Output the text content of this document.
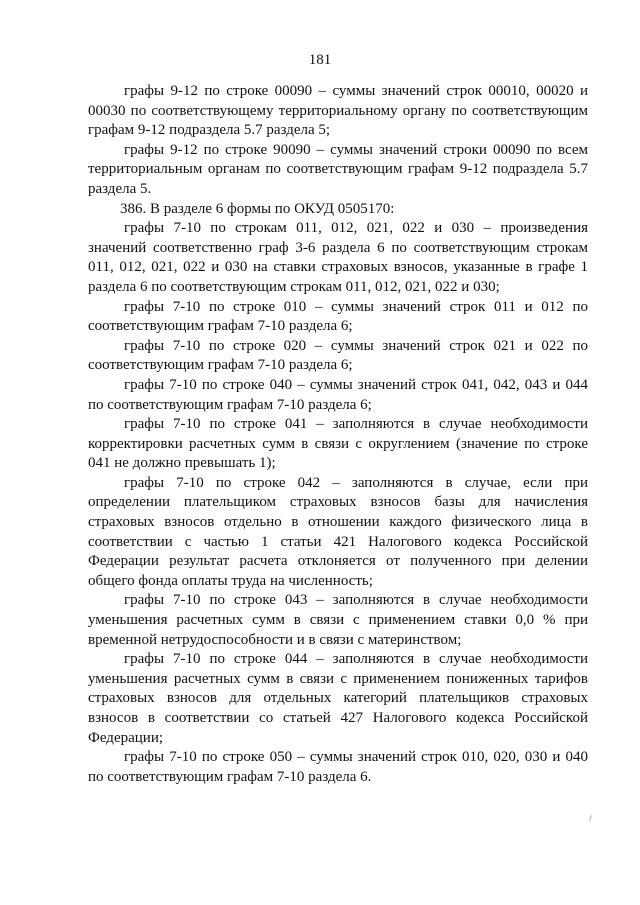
181

графы 9-12 по строке 00090 – суммы значений строк 00010, 00020 и 00030 по соответствующему территориальному органу по соответствующим графам 9-12 подраздела 5.7 раздела 5;

графы 9-12 по строке 90090 – суммы значений строки 00090 по всем территориальным органам по соответствующим графам 9-12 подраздела 5.7 раздела 5.

386. В разделе 6 формы по ОКУД 0505170:

графы 7-10 по строкам 011, 012, 021, 022 и 030 – произведения значений соответственно граф 3-6 раздела 6 по соответствующим строкам 011, 012, 021, 022 и 030 на ставки страховых взносов, указанные в графе 1 раздела 6 по соответствующим строкам 011, 012, 021, 022 и 030;

графы 7-10 по строке 010 – суммы значений строк 011 и 012 по соответствующим графам 7-10 раздела 6;

графы 7-10 по строке 020 – суммы значений строк 021 и 022 по соответствующим графам 7-10 раздела 6;

графы 7-10 по строке 040 – суммы значений строк 041, 042, 043 и 044 по соответствующим графам 7-10 раздела 6;

графы 7-10 по строке 041 – заполняются в случае необходимости корректировки расчетных сумм в связи с округлением (значение по строке 041 не должно превышать 1);

графы 7-10 по строке 042 – заполняются в случае, если при определении плательщиком страховых взносов базы для начисления страховых взносов отдельно в отношении каждого физического лица в соответствии с частью 1 статьи 421 Налогового кодекса Российской Федерации результат расчета отклоняется от полученного при делении общего фонда оплаты труда на численность;

графы 7-10 по строке 043 – заполняются в случае необходимости уменьшения расчетных сумм в связи с применением ставки 0,0 % при временной нетрудоспособности и в связи с материнством;

графы 7-10 по строке 044 – заполняются в случае необходимости уменьшения расчетных сумм в связи с применением пониженных тарифов страховых взносов для отдельных категорий плательщиков страховых взносов в соответствии со статьей 427 Налогового кодекса Российской Федерации;

графы 7-10 по строке 050 – суммы значений строк 010, 020, 030 и 040 по соответствующим графам 7-10 раздела 6.
